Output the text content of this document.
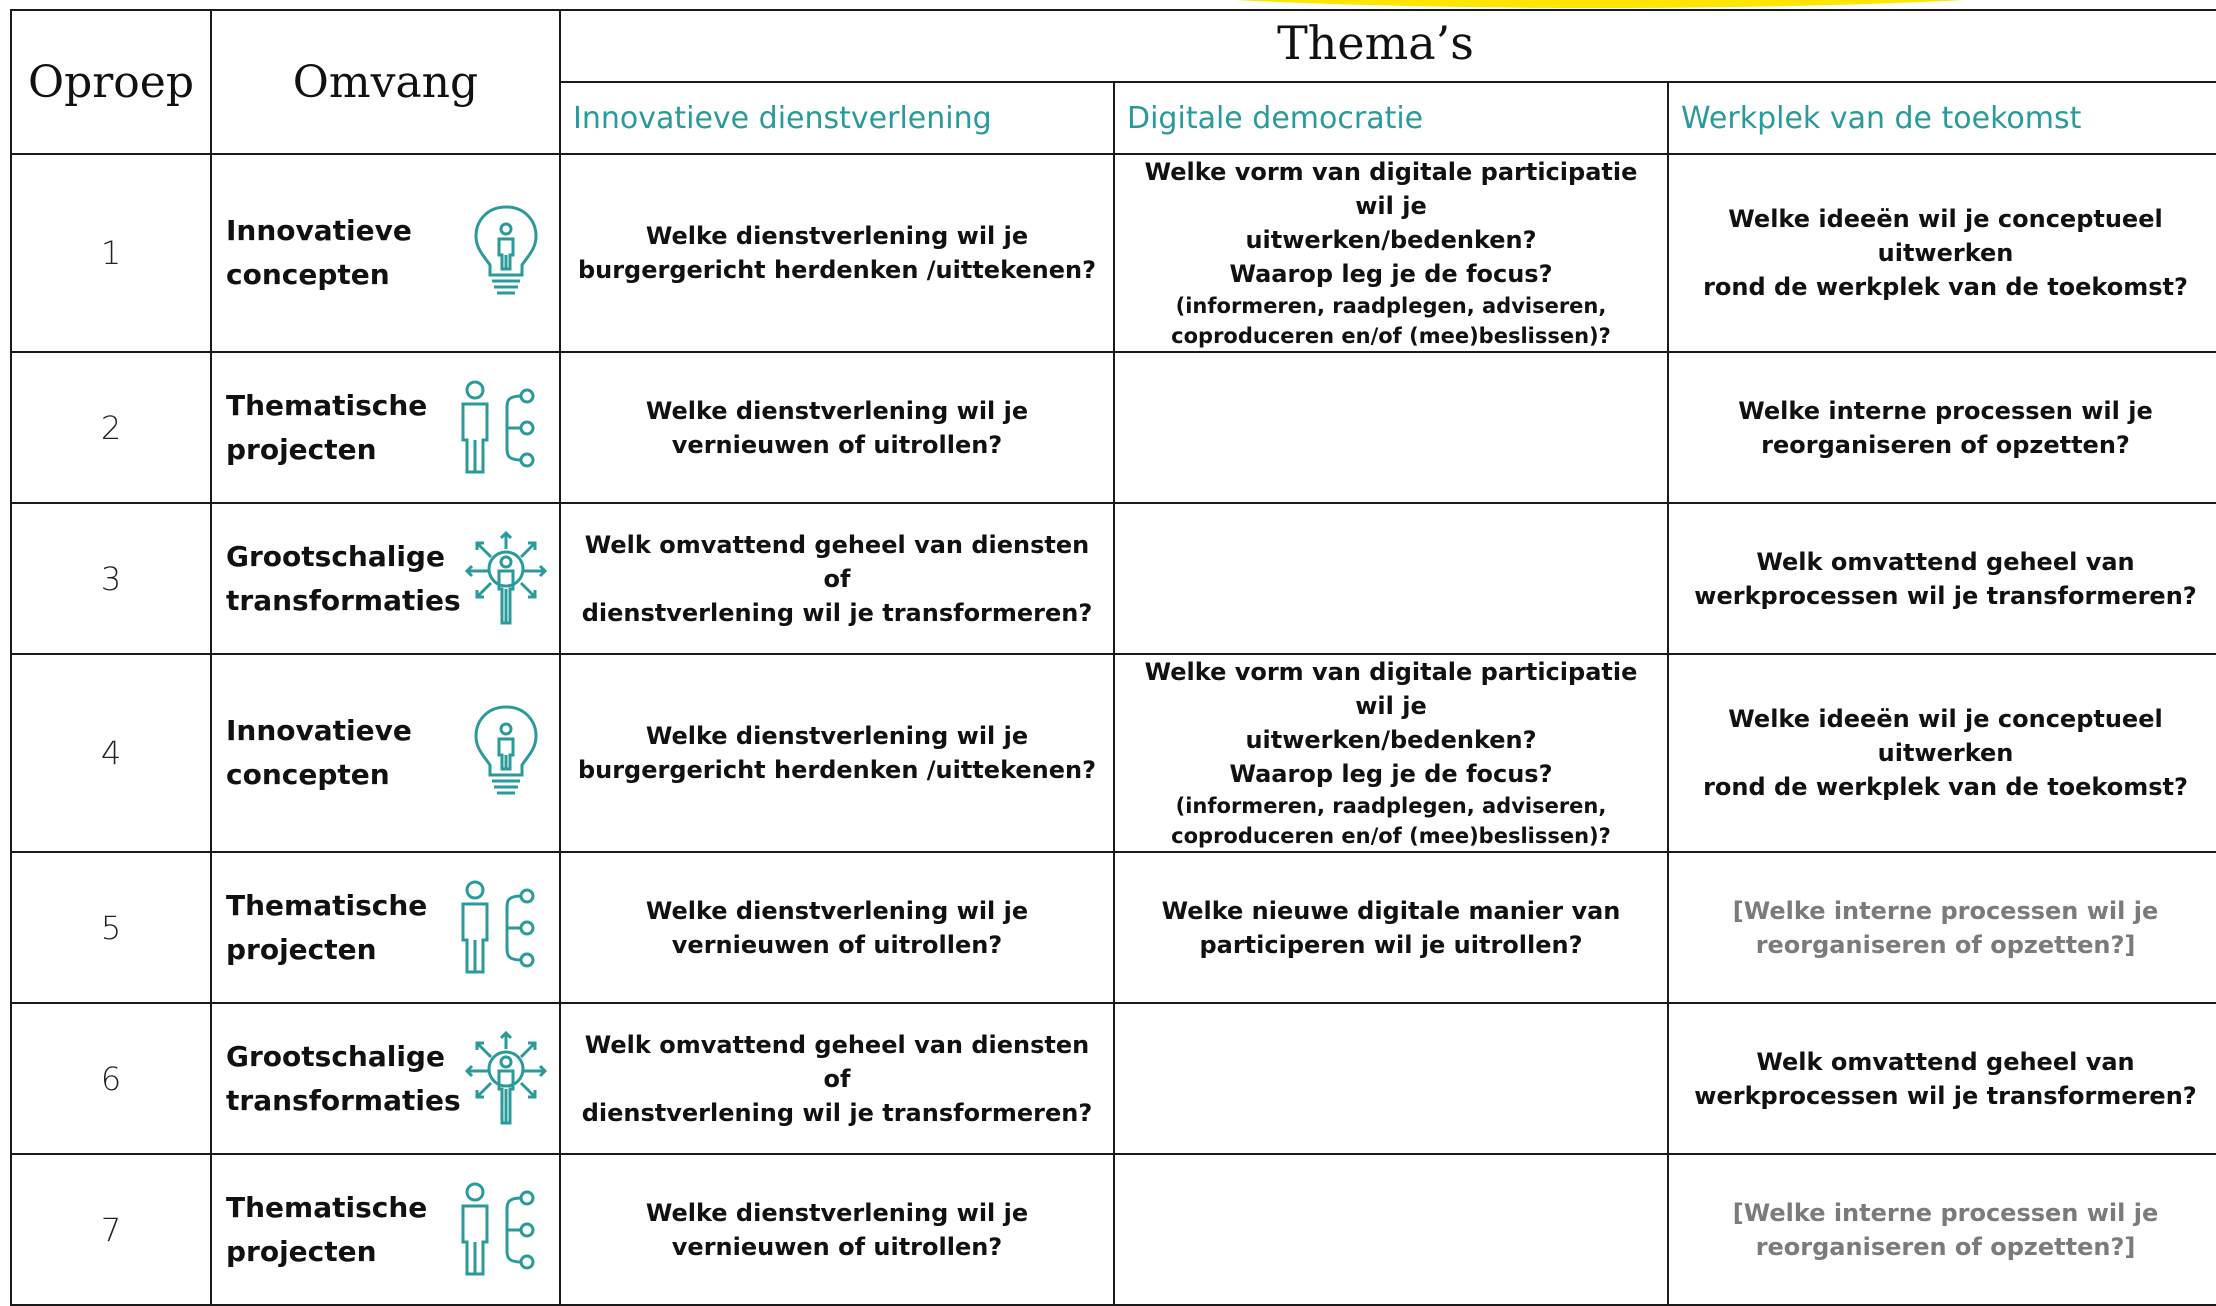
Oproep	Omvang	Thema’s		
		Innovatieve dienstverlening	Digitale democratie	Werkplek van de toekomst
1	Innovatieve
concepten	Welke dienstverlening wil je
burgergericht herdenken /uittekenen?	Welke vorm van digitale participatie wil je
uitwerken/bedenken?
Waarop leg je de focus?
(informeren, raadplegen, adviseren,
coproduceren en/of (mee)beslissen)?	Welke ideeën wil je conceptueel uitwerken
rond de werkplek van de toekomst?

2	Thematische
projecten	Welke dienstverlening wil je
vernieuwen of uitrollen?		Welke interne processen wil je
reorganiseren of opzetten?

3	Grootschalige
transformaties	Welk omvattend geheel van diensten of
dienstverlening wil je transformeren?		Welk omvattend geheel van
werkprocessen wil je transformeren?

4	Innovatieve
concepten	Welke dienstverlening wil je
burgergericht herdenken /uittekenen?	Welke vorm van digitale participatie wil je
uitwerken/bedenken?
Waarop leg je de focus?
(informeren, raadplegen, adviseren,
coproduceren en/of (mee)beslissen)?	Welke ideeën wil je conceptueel uitwerken
rond de werkplek van de toekomst?

5	Thematische
projecten	Welke dienstverlening wil je
vernieuwen of uitrollen?	Welke nieuwe digitale manier van
participeren wil je uitrollen?	[Welke interne processen wil je
reorganiseren of opzetten?]

6	Grootschalige
transformaties	Welk omvattend geheel van diensten of
dienstverlening wil je transformeren?		Welk omvattend geheel van
werkprocessen wil je transformeren?

7	Thematische
projecten	Welke dienstverlening wil je
vernieuwen of uitrollen?		[Welke interne processen wil je
reorganiseren of opzetten?]
